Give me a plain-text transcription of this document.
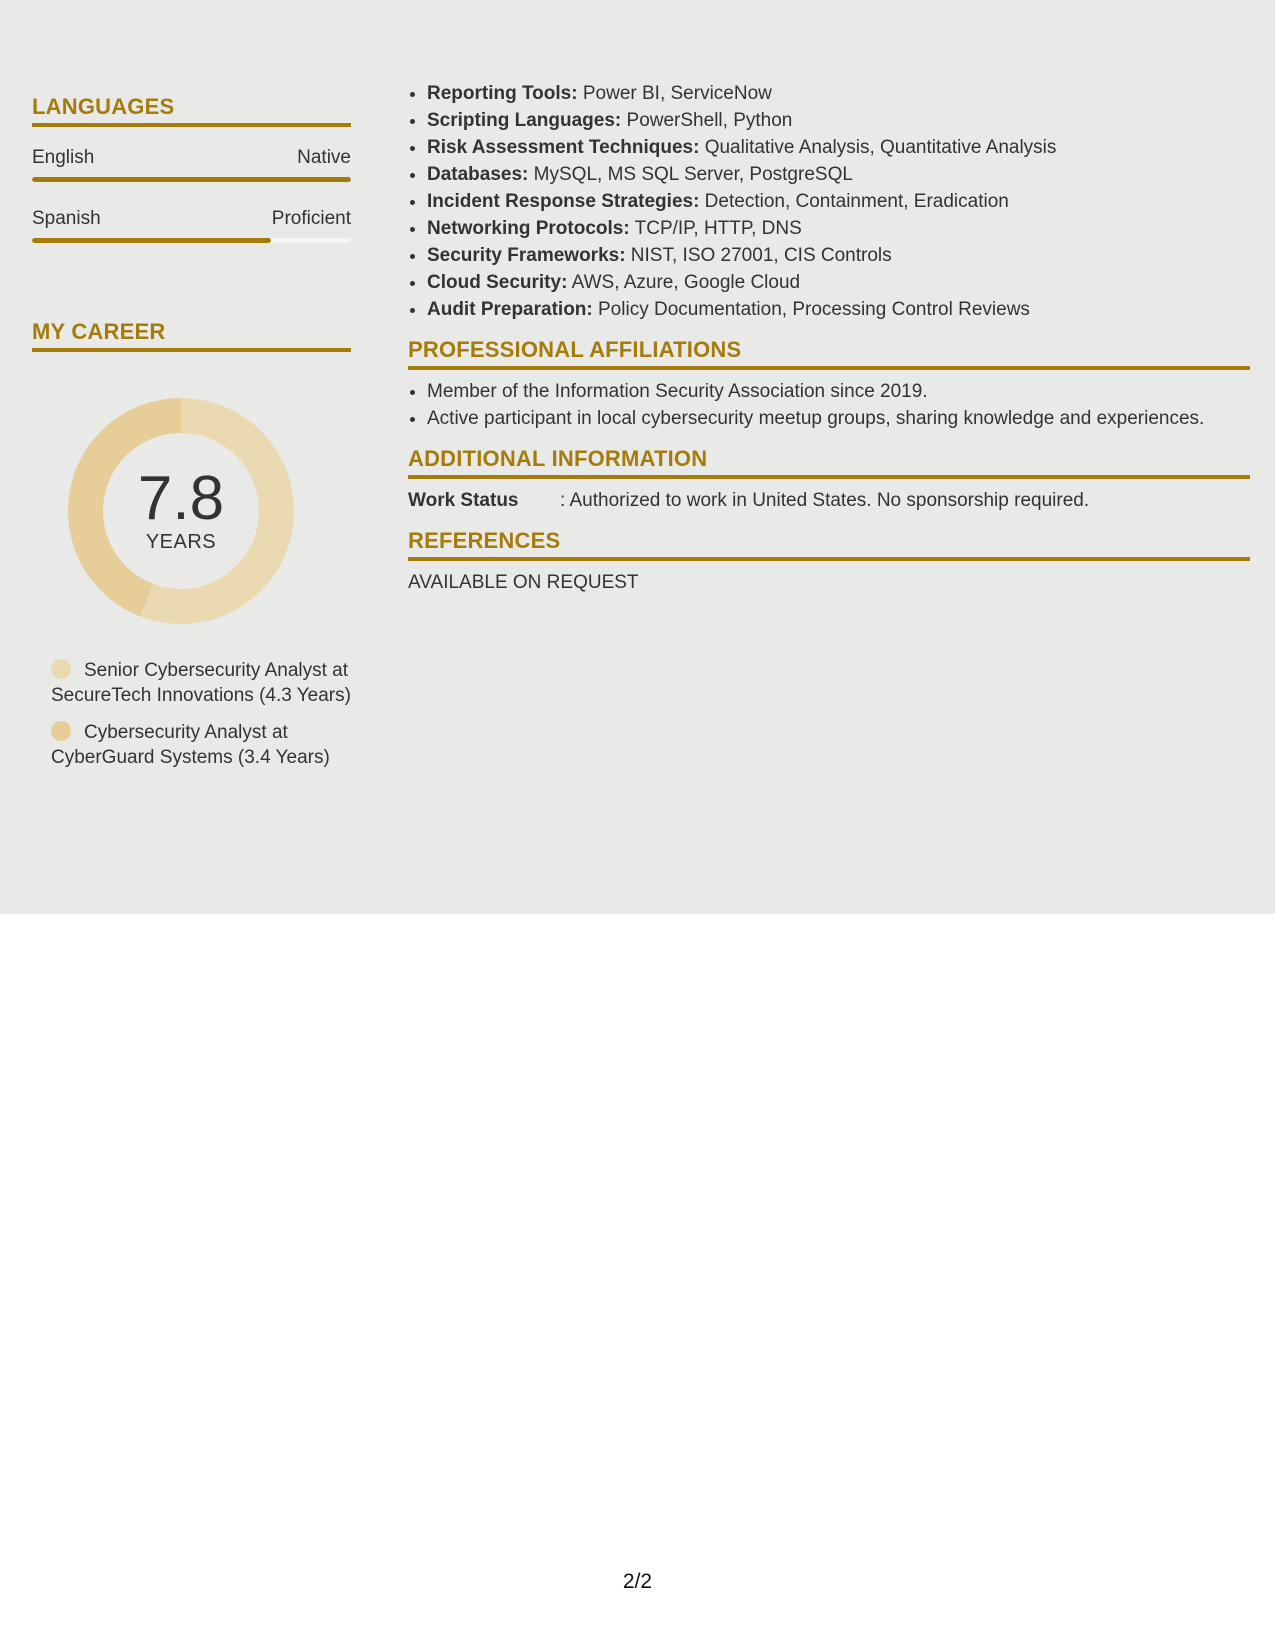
LANGUAGES
English	Native
Spanish	Proficient
MY CAREER
7.8
YEARS
Senior Cybersecurity Analyst at SecureTech Innovations (4.3 Years)
Cybersecurity Analyst at CyberGuard Systems (3.4 Years)
• Reporting Tools: Power BI, ServiceNow
• Scripting Languages: PowerShell, Python
• Risk Assessment Techniques: Qualitative Analysis, Quantitative Analysis
• Databases: MySQL, MS SQL Server, PostgreSQL
• Incident Response Strategies: Detection, Containment, Eradication
• Networking Protocols: TCP/IP, HTTP, DNS
• Security Frameworks: NIST, ISO 27001, CIS Controls
• Cloud Security: AWS, Azure, Google Cloud
• Audit Preparation: Policy Documentation, Processing Control Reviews
PROFESSIONAL AFFILIATIONS
• Member of the Information Security Association since 2019.
• Active participant in local cybersecurity meetup groups, sharing knowledge and experiences.
ADDITIONAL INFORMATION
Work Status	: Authorized to work in United States. No sponsorship required.
REFERENCES
AVAILABLE ON REQUEST
2/2
